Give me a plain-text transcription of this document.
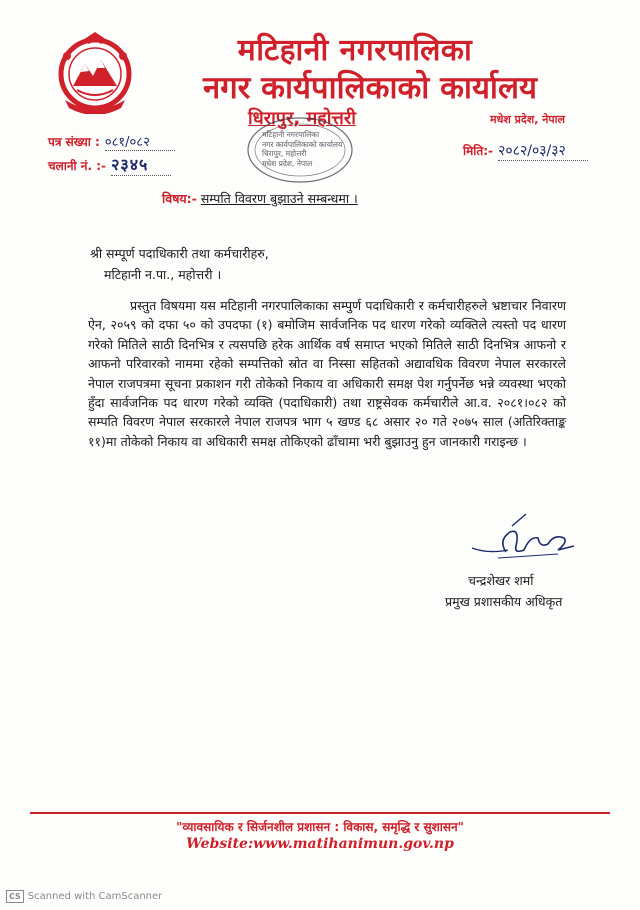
मटिहानी नगरपालिका
नगर कार्यपालिकाको कार्यालय
धिरापुर, महोत्तरी	मधेश प्रदेश, नेपाल
मटिहानी नगरपालिका
नगर कार्यपालिकाको कार्यालय
धिरापुर, महोत्तरी
मधेश प्रदेश, नेपाल
पत्र संख्या : ०८१/०८२
चलानी नं. :- २३४५
मिति:- २०८२/०३/३२
विषय:- सम्पति विवरण बुझाउने सम्बन्धमा ।
श्री सम्पूर्ण पदाधिकारी तथा कर्मचारीहरु,
मटिहानी न.पा., महोत्तरी ।
प्रस्तुत विषयमा यस मटिहानी नगरपालिकाका सम्पुर्ण पदाधिकारी र कर्मचारीहरुले भ्रष्टाचार निवारण ऐन, २०५९ को दफा ५० को उपदफा (१) बमोजिम सार्वजनिक पद धारण गरेको व्यक्तिले त्यस्तो पद धारण गरेको मितिले साठी दिनभित्र र त्यसपछि हरेक आर्थिक वर्ष समाप्त भएको मितिले साठी दिनभित्र आफनो र आफनो परिवारको नाममा रहेको सम्पत्तिको स्रोत वा निस्सा सहितको अद्यावधिक विवरण नेपाल सरकारले नेपाल राजपत्रमा सूचना प्रकाशन गरी तोकेको निकाय वा अधिकारी समक्ष पेश गर्नुपर्नेछ भन्ने व्यवस्था भएको हुँदा सार्वजनिक पद धारण गरेको व्यक्ति (पदाधिकारी) तथा राष्ट्रसेवक कर्मचारीले आ.व. २०८१।०८२ को सम्पति विवरण नेपाल सरकारले नेपाल राजपत्र भाग ५ खण्ड ६८ असार २० गते २०७५ साल (अतिरिक्ताङ्क ११)मा तोकेको निकाय वा अधिकारी समक्ष तोकिएको ढाँचामा भरी बुझाउनु हुन जानकारी गराइन्छ ।
चन्द्रशेखर शर्मा
प्रमुख प्रशासकीय अधिकृत
"व्यावसायिक र सिर्जनशील प्रशासन : विकास, समृद्धि र सुशासन"
Website:www.matihanimun.gov.np
CS Scanned with CamScanner
